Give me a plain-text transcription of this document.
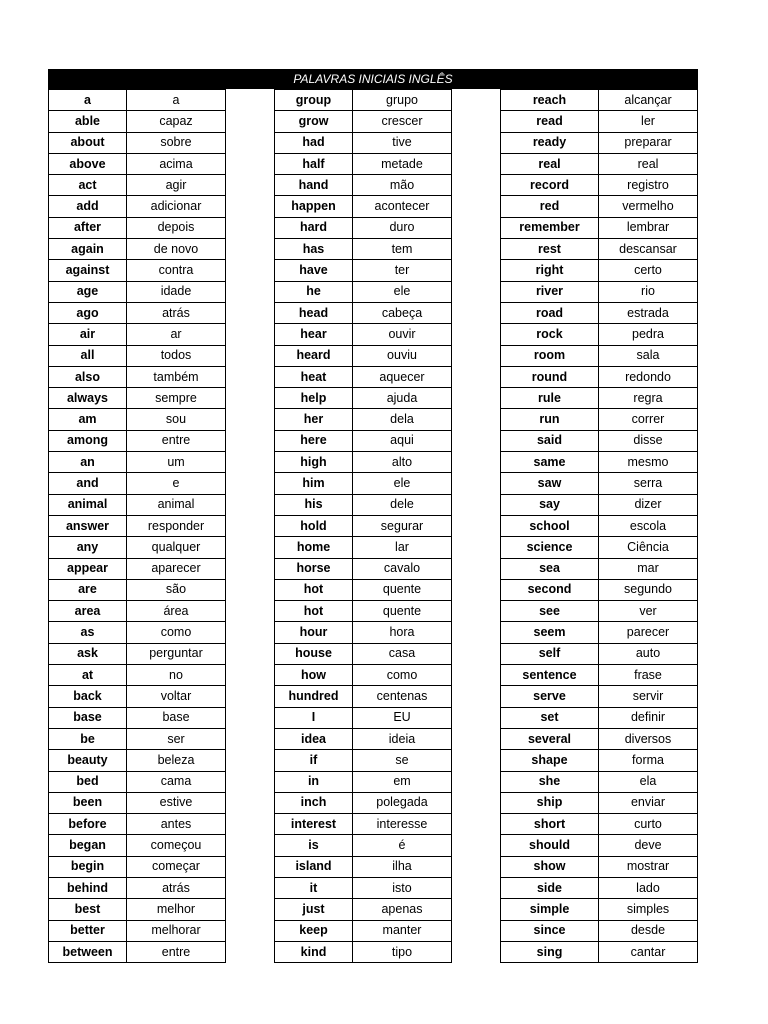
PALAVRAS INICIAIS INGLÊS
a	a
able	capaz
about	sobre
above	acima
act	agir
add	adicionar
after	depois
again	de novo
against	contra
age	idade
ago	atrás
air	ar
all	todos
also	também
always	sempre
am	sou
among	entre
an	um
and	e
animal	animal
answer	responder
any	qualquer
appear	aparecer
are	são
area	área
as	como
ask	perguntar
at	no
back	voltar
base	base
be	ser
beauty	beleza
bed	cama
been	estive
before	antes
began	começou
begin	começar
behind	atrás
best	melhor
better	melhorar
between	entre
group	grupo
grow	crescer
had	tive
half	metade
hand	mão
happen	acontecer
hard	duro
has	tem
have	ter
he	ele
head	cabeça
hear	ouvir
heard	ouviu
heat	aquecer
help	ajuda
her	dela
here	aqui
high	alto
him	ele
his	dele
hold	segurar
home	lar
horse	cavalo
hot	quente
hot	quente
hour	hora
house	casa
how	como
hundred	centenas
I	EU
idea	ideia
if	se
in	em
inch	polegada
interest	interesse
is	é
island	ilha
it	isto
just	apenas
keep	manter
kind	tipo
reach	alcançar
read	ler
ready	preparar
real	real
record	registro
red	vermelho
remember	lembrar
rest	descansar
right	certo
river	rio
road	estrada
rock	pedra
room	sala
round	redondo
rule	regra
run	correr
said	disse
same	mesmo
saw	serra
say	dizer
school	escola
science	Ciência
sea	mar
second	segundo
see	ver
seem	parecer
self	auto
sentence	frase
serve	servir
set	definir
several	diversos
shape	forma
she	ela
ship	enviar
short	curto
should	deve
show	mostrar
side	lado
simple	simples
since	desde
sing	cantar
